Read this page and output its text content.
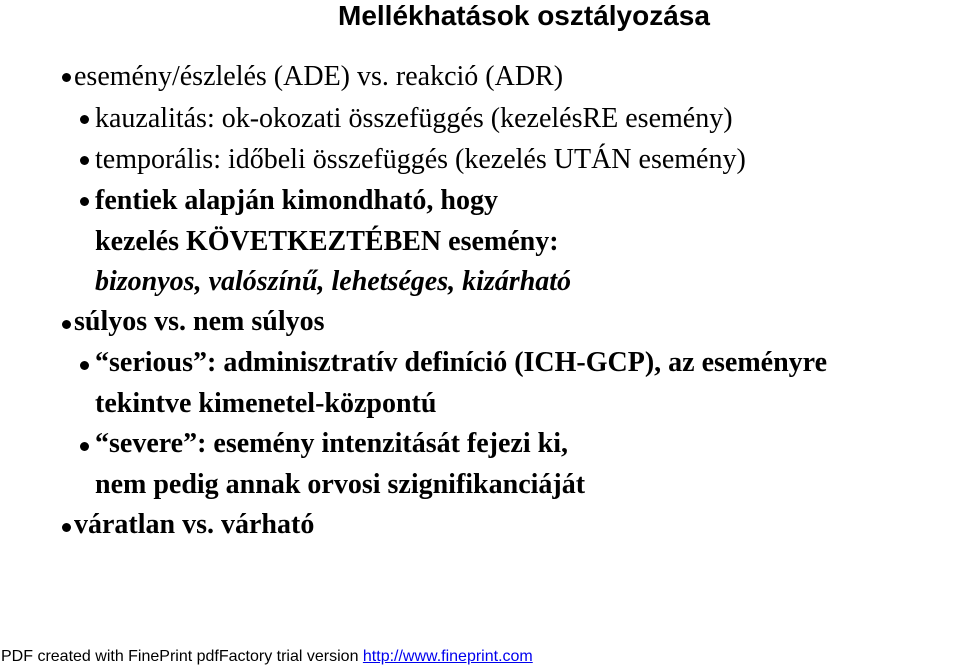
Mellékhatások osztályozása
esemény/észlelés (ADE) vs. reakció (ADR)
kauzalitás: ok-okozati összefüggés (kezelésRE esemény)
temporális: időbeli összefüggés (kezelés UTÁN esemény)
fentiek alapján kimondható, hogy
kezelés KÖVETKEZTÉBEN esemény:
bizonyos, valószínű, lehetséges, kizárható
súlyos vs. nem súlyos
“serious”: adminisztratív definíció (ICH-GCP), az eseményre
tekintve kimenetel-központú
“severe”: esemény intenzitását fejezi ki,
nem pedig annak orvosi szignifikanciáját
váratlan vs. várható
PDF created with FinePrint pdfFactory trial version http://www.fineprint.com
